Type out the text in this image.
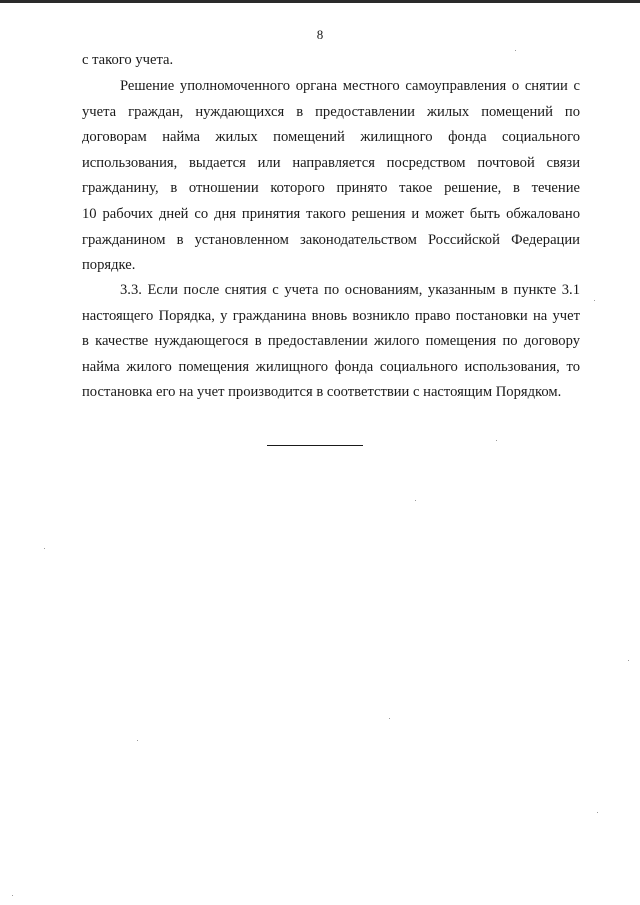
8
с такого учета.
Решение уполномоченного органа местного самоуправления о снятии с
учета граждан, нуждающихся в предоставлении жилых помещений по
договорам найма жилых помещений жилищного фонда социального
использования, выдается или направляется посредством почтовой связи
гражданину, в отношении которого принято такое решение, в течение
10 рабочих дней со дня принятия такого решения и может быть обжаловано
гражданином в установленном законодательством Российской Федерации
порядке.
3.3. Если после снятия с учета по основаниям, указанным в пункте 3.1
настоящего Порядка, у гражданина вновь возникло право постановки на учет
в качестве нуждающегося в предоставлении жилого помещения по договору
найма жилого помещения жилищного фонда социального использования, то
постановка его на учет производится в соответствии с настоящим Порядком.
